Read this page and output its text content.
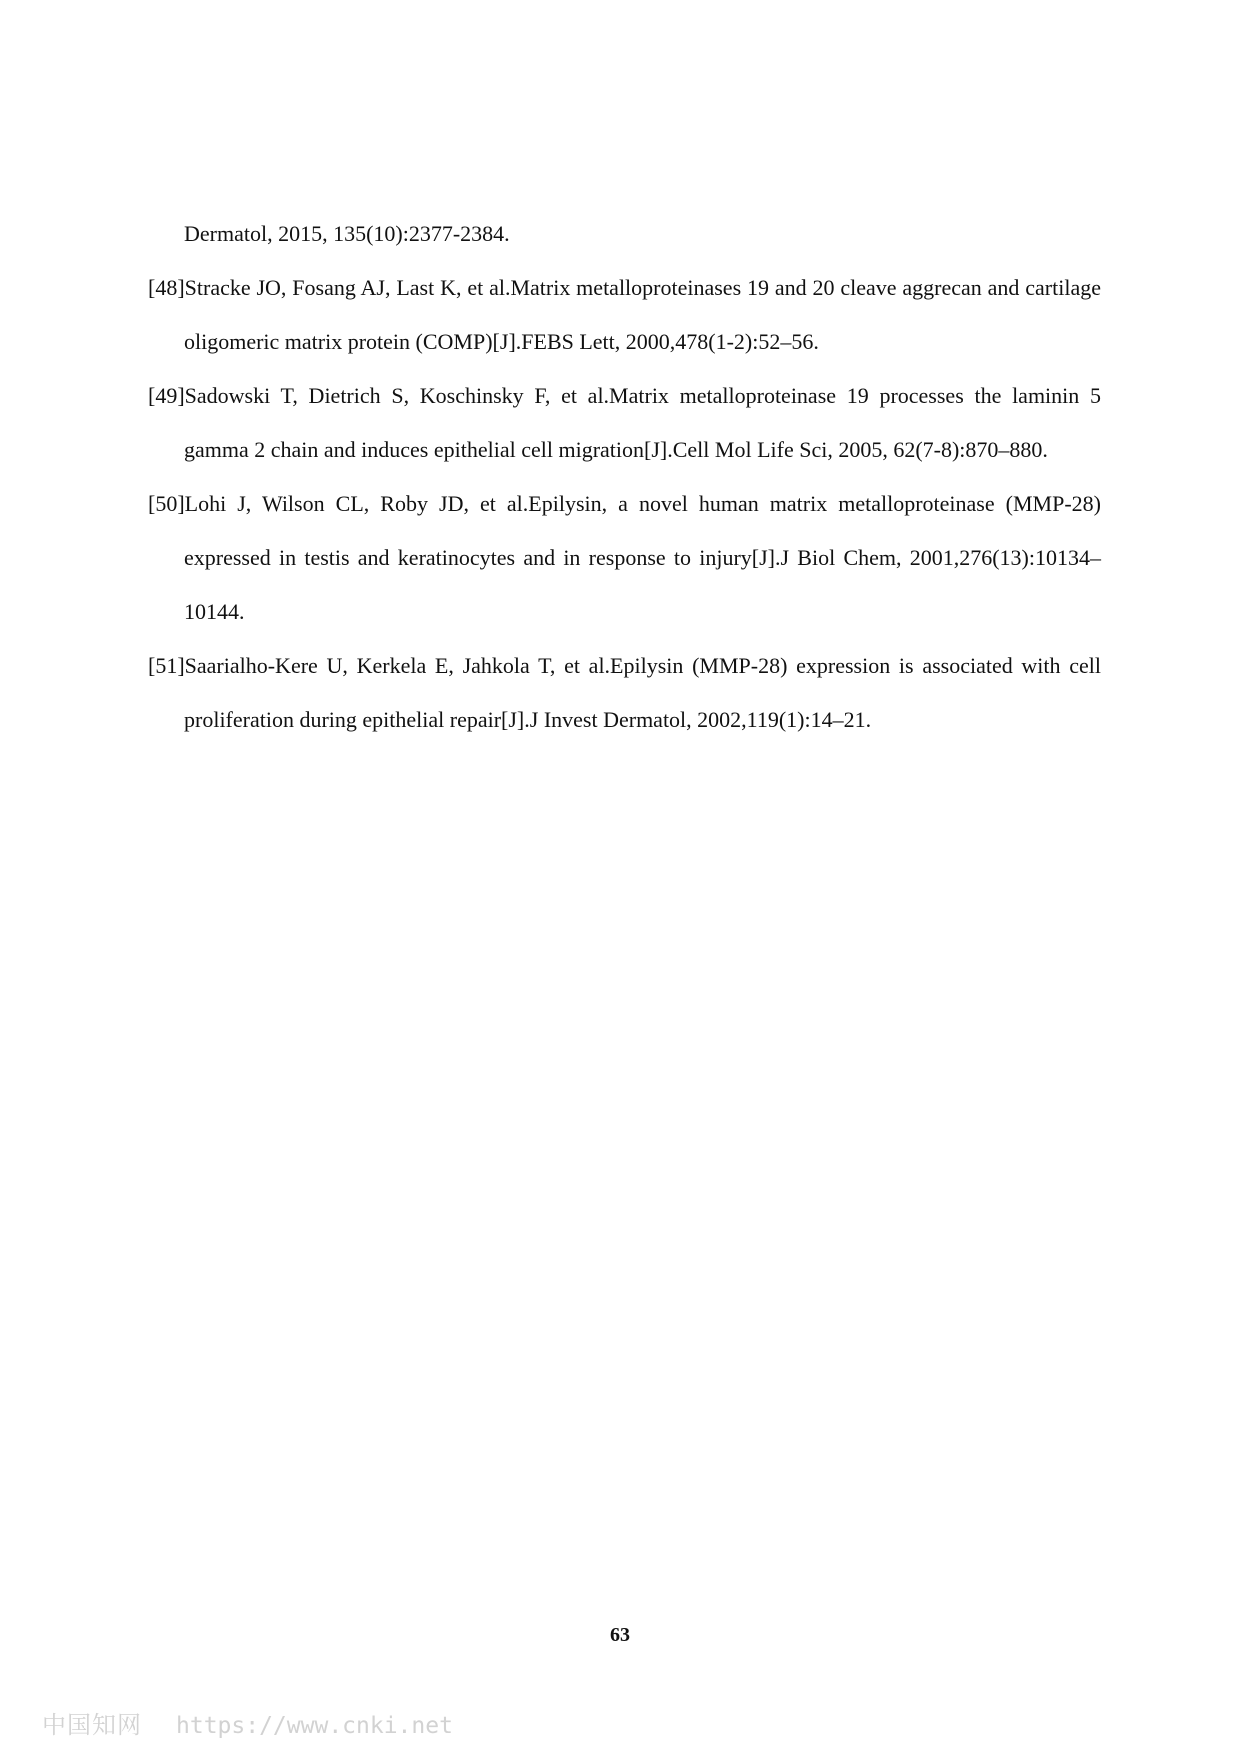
Dermatol, 2015, 135(10):2377-2384.

[48]Stracke JO, Fosang AJ, Last K, et al.Matrix metalloproteinases 19 and 20 cleave aggrecan and cartilage oligomeric matrix protein (COMP)[J].FEBS Lett, 2000,478(1-2):52–56.

[49]Sadowski T, Dietrich S, Koschinsky F, et al.Matrix metalloproteinase 19 processes the laminin 5 gamma 2 chain and induces epithelial cell migration[J].Cell Mol Life Sci, 2005, 62(7-8):870–880.

[50]Lohi J, Wilson CL, Roby JD, et al.Epilysin, a novel human matrix metalloproteinase (MMP-28) expressed in testis and keratinocytes and in response to injury[J].J Biol Chem, 2001,276(13):10134–10144.

[51]Saarialho-Kere U, Kerkela E, Jahkola T, et al.Epilysin (MMP-28) expression is associated with cell proliferation during epithelial repair[J].J Invest Dermatol, 2002,119(1):14–21.

63
中国知网 https://www.cnki.net
